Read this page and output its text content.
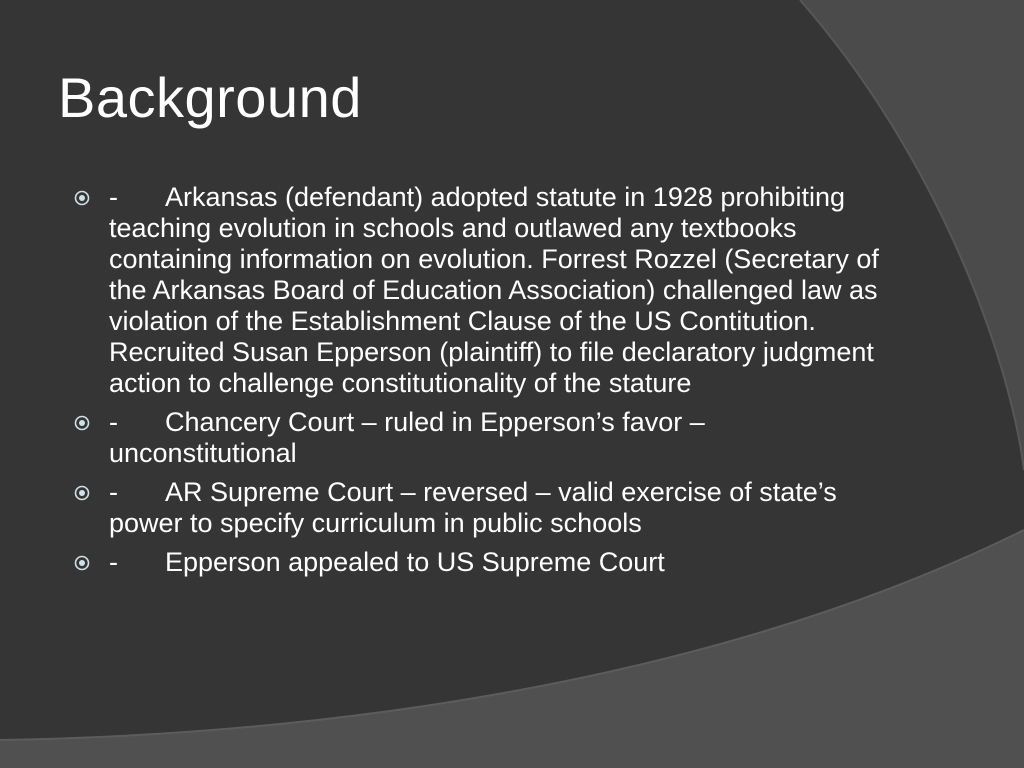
Background
- Arkansas (defendant) adopted statute in 1928 prohibiting teaching evolution in schools and outlawed any textbooks containing information on evolution. Forrest Rozzel (Secretary of the Arkansas Board of Education Association) challenged law as violation of the Establishment Clause of the US Contitution. Recruited Susan Epperson (plaintiff) to file declaratory judgment action to challenge constitutionality of the stature
- Chancery Court – ruled in Epperson’s favor – unconstitutional
- AR Supreme Court – reversed – valid exercise of state’s power to specify curriculum in public schools
- Epperson appealed to US Supreme Court
